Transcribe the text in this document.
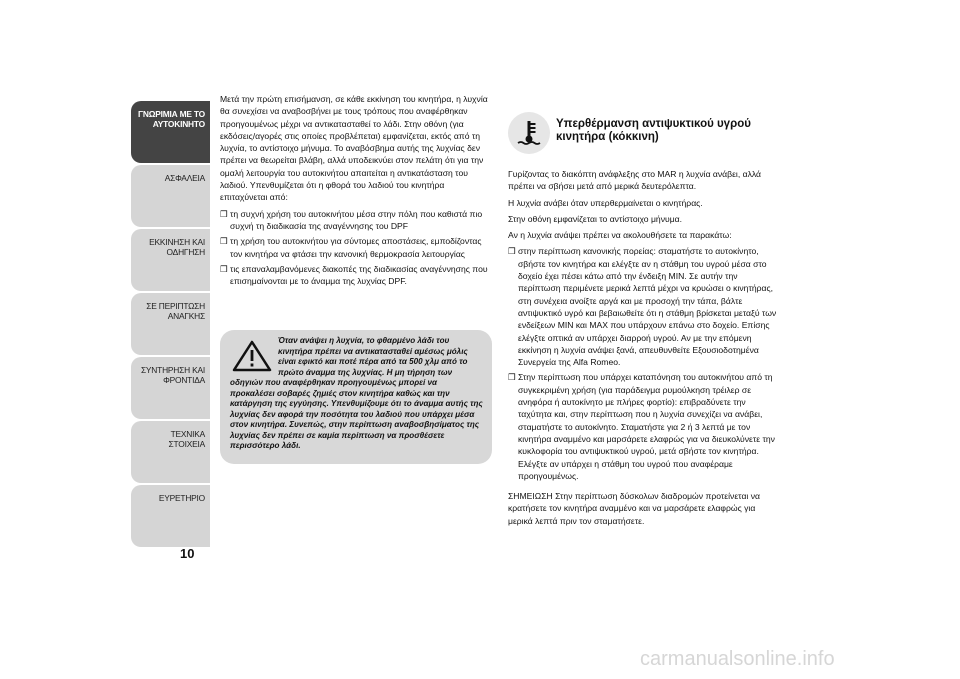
ΓΝΩΡΙΜΙΑ ΜΕ ΤΟ ΑΥΤΟΚΙΝΗΤΟ
ΑΣΦΑΛΕΙΑ
ΕΚΚΙΝΗΣΗ ΚΑΙ ΟΔΗΓΗΣΗ
ΣΕ ΠΕΡΙΠΤΩΣΗ ΑΝΑΓΚΗΣ
ΣΥΝΤΗΡΗΣΗ ΚΑΙ ΦΡΟΝΤΙΔΑ
ΤΕΧΝΙΚΑ ΣΤΟΙΧΕΙΑ
ΕΥΡΕΤΗΡΙΟ
10

Μετά την πρώτη επισήμανση, σε κάθε εκκίνηση του κινητήρα, η λυχνία θα συνεχίσει να αναβοσβήνει με τους τρόπους που αναφέρθηκαν προηγουμένως μέχρι να αντικατασταθεί το λάδι. Στην οθόνη (για εκδόσεις/αγορές στις οποίες προβλέπεται) εμφανίζεται, εκτός από τη λυχνία, το αντίστοιχο μήνυμα. Το αναβόσβημα αυτής της λυχνίας δεν πρέπει να θεωρείται βλάβη, αλλά υποδεικνύει στον πελάτη ότι για την ομαλή λειτουργία του αυτοκινήτου απαιτείται η αντικατάσταση του λαδιού. Υπενθυμίζεται ότι η φθορά του λαδιού του κινητήρα επιταχύνεται από:

❒ τη συχνή χρήση του αυτοκινήτου μέσα στην πόλη που καθιστά πιο συχνή τη διαδικασία της αναγέννησης του DPF
❒ τη χρήση του αυτοκινήτου για σύντομες αποστάσεις, εμποδίζοντας τον κινητήρα να φτάσει την κανονική θερμοκρασία λειτουργίας
❒ τις επαναλαμβανόμενες διακοπές της διαδικασίας αναγέννησης που επισημαίνονται με το άναμμα της λυχνίας DPF.
Όταν ανάψει η λυχνία, το φθαρμένο λάδι του κινητήρα πρέπει να αντικατασταθεί αμέσως μόλις είναι εφικτό και ποτέ πέρα από τα 500 χλμ από το πρώτο άναμμα της λυχνίας. Η μη τήρηση των οδηγιών που αναφέρθηκαν προηγουμένως μπορεί να προκαλέσει σοβαρές ζημιές στον κινητήρα καθώς και την κατάργηση της εγγύησης. Υπενθυμίζουμε ότι το άναμμα αυτής της λυχνίας δεν αφορά την ποσότητα του λαδιού που υπάρχει μέσα στον κινητήρα. Συνεπώς, στην περίπτωση αναβοσβησίματος της λυχνίας δεν πρέπει σε καμία περίπτωση να προσθέσετε περισσότερο λάδι.
Υπερθέρμανση αντιψυκτικού υγρού κινητήρα (κόκκινη)

Γυρίζοντας το διακόπτη ανάφλεξης στο MAR η λυχνία ανάβει, αλλά πρέπει να σβήσει μετά από μερικά δευτερόλεπτα.

Η λυχνία ανάβει όταν υπερθερμαίνεται ο κινητήρας.

Στην οθόνη εμφανίζεται το αντίστοιχο μήνυμα.

Αν η λυχνία ανάψει πρέπει να ακολουθήσετε τα παρακάτω:

❒ στην περίπτωση κανονικής πορείας: σταματήστε το αυτοκίνητο, σβήστε τον κινητήρα και ελέγξτε αν η στάθμη του υγρού μέσα στο δοχείο έχει πέσει κάτω από την ένδειξη MIN. Σε αυτήν την περίπτωση περιμένετε μερικά λεπτά μέχρι να κρυώσει ο κινητήρας, στη συνέχεια ανοίξτε αργά και με προσοχή την τάπα, βάλτε αντιψυκτικό υγρό και βεβαιωθείτε ότι η στάθμη βρίσκεται μεταξύ των ενδείξεων MIN και MAX που υπάρχουν επάνω στο δοχείο. Επίσης ελέγξτε οπτικά αν υπάρχει διαρροή υγρού. Αν με την επόμενη εκκίνηση η λυχνία ανάψει ξανά, απευθυνθείτε Εξουσιοδοτημένα Συνεργεία της Alfa Romeo.
❒ Στην περίπτωση που υπάρχει καταπόνηση του αυτοκινήτου από τη συγκεκριμένη χρήση (για παράδειγμα ρυμούλκηση τρέιλερ σε ανηφόρα ή αυτοκίνητο με πλήρες φορτίο): επιβραδύνετε την ταχύτητα και, στην περίπτωση που η λυχνία συνεχίζει να ανάβει, σταματήστε το αυτοκίνητο. Σταματήστε για 2 ή 3 λεπτά με τον κινητήρα αναμμένο και μαρσάρετε ελαφρώς για να διευκολύνετε την κυκλοφορία του αντιψυκτικού υγρού, μετά σβήστε τον κινητήρα. Ελέγξτε αν υπάρχει η στάθμη του υγρού που αναφέραμε προηγουμένως.

ΣΗΜΕΙΩΣΗ Στην περίπτωση δύσκολων διαδρομών προτείνεται να κρατήσετε τον κινητήρα αναμμένο και να μαρσάρετε ελαφρώς για μερικά λεπτά πριν τον σταματήσετε.

carmanualsonline.info
